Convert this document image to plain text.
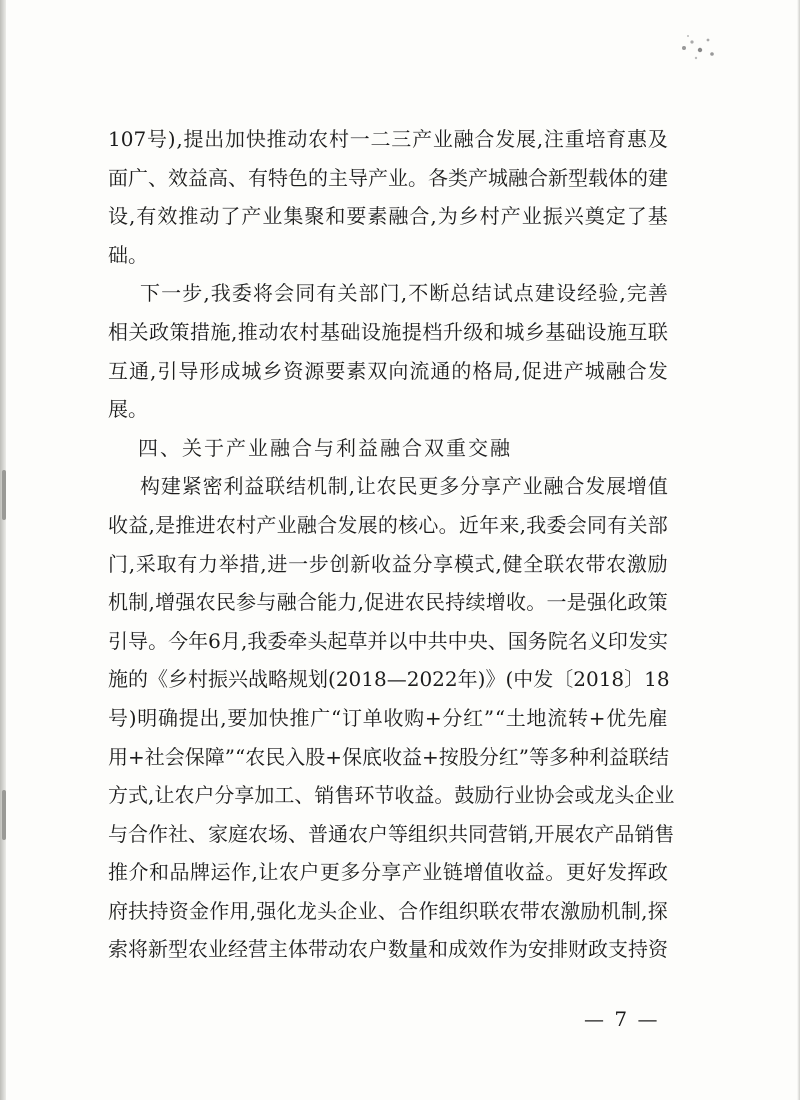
107 号 ) , 提 出 加 快 推 动 农 村 一 二 三 产 业 融 合 发 展 , 注 重 培 育 惠 及
面 广 、 效 益 高 、 有 特 色 的 主 导 产 业 。 各 类 产 城 融 合 新 型 载 体 的 建
设 , 有 效 推 动 了 产 业 集 聚 和 要 素 融 合 , 为 乡 村 产 业 振 兴 奠 定 了 基
础。
下 一 步 , 我 委 将 会 同 有 关 部 门 , 不 断 总 结 试 点 建 设 经 验 , 完 善
相 关 政 策 措 施 , 推 动 农 村 基 础 设 施 提 档 升 级 和 城 乡 基 础 设 施 互 联
互 通 , 引 导 形 成 城 乡 资 源 要 素 双 向 流 通 的 格 局 , 促 进 产 城 融 合 发
展。
四、关于产业融合与利益融合双重交融
构 建 紧 密 利 益 联 结 机 制 , 让 农 民 更 多 分 享 产 业 融 合 发 展 增 值
收 益 , 是 推 进 农 村 产 业 融 合 发 展 的 核 心 。 近 年 来 , 我 委 会 同 有 关 部
门 , 采 取 有 力 举 措 , 进 一 步 创 新 收 益 分 享 模 式 , 健 全 联 农 带 农 激 励
机 制 , 增 强 农 民 参 与 融 合 能 力 , 促 进 农 民 持 续 增 收 。 一 是 强 化 政 策
引 导 。 今 年 6 月 , 我 委 牵 头 起 草 并 以 中 共 中 央 、 国 务 院 名 义 印 发 实
施 的 《 乡 村 振 兴 战 略 规 划 ( 2018 — 2022 年 ) 》 ( 中 发 〔 2018 〕 18
号 ) 明 确 提 出 , 要 加 快 推 广 “ 订 单 收 购 + 分 红 ” “ 土 地 流 转 + 优 先 雇
用 + 社 会 保 障 ” “ 农 民 入 股 + 保 底 收 益 + 按 股 分 红 ” 等 多 种 利 益 联 结
方 式 , 让 农 户 分 享 加 工 、 销 售 环 节 收 益 。 鼓 励 行 业 协 会 或 龙 头 企 业
与 合 作 社 、 家 庭 农 场 、 普 通 农 户 等 组 织 共 同 营 销 , 开 展 农 产 品 销 售
推 介 和 品 牌 运 作 , 让 农 户 更 多 分 享 产 业 链 增 值 收 益 。 更 好 发 挥 政
府 扶 持 资 金 作 用 , 强 化 龙 头 企 业 、 合 作 组 织 联 农 带 农 激 励 机 制 , 探
索 将 新 型 农 业 经 营 主 体 带 动 农 户 数 量 和 成 效 作 为 安 排 财 政 支 持 资
— 7 —
